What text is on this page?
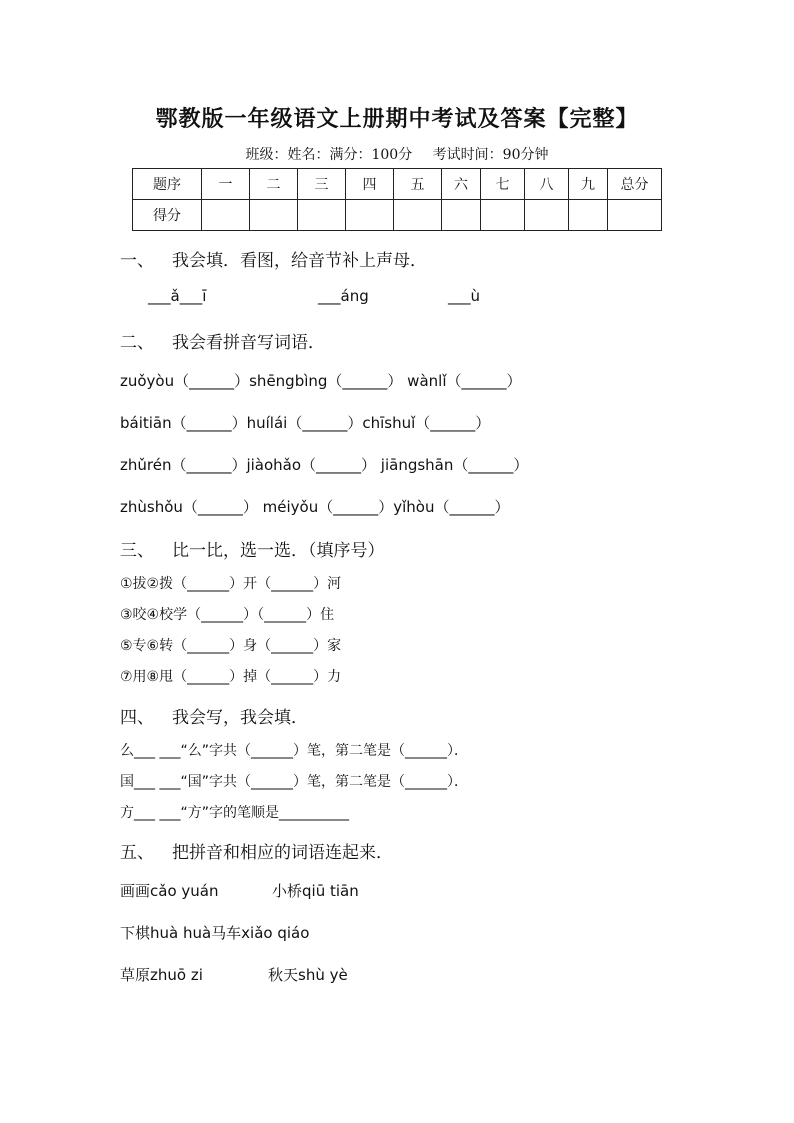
鄂教版一年级语文上册期中考试及答案【完整】
班级：姓名：满分：100分 考试时间：90分钟
题序	一	二	三	四	五	六	七	八	九	总分
得分										
一、 我会填．看图，给音节补上声母．
___ǎ___ī	___áng	___ù
二、 我会看拼音写词语．
zuǒyòu（______）shēngbìng（______） wànlǐ（______）
báitiān（______）huílái（______）chīshuǐ（______）
zhǔrén（______）jiàohǎo（______） jiāngshān（______）
zhùshǒu（______） méiyǒu（______）yǐhòu（______）
三、 比一比，选一选．（填序号）
①拔②拨（______）开（______）河
③咬④校学（______）（______）住
⑤专⑥转（______）身（______）家
⑦用⑧甩（______）掉（______）力
四、 我会写，我会填．
么___ ___“么”字共（______）笔，第二笔是（______）．
国___ ___“国”字共（______）笔，第二笔是（______）．
方___ ___“方”字的笔顺是__________
五、 把拼音和相应的词语连起来．
画画cǎo yuán	小桥qiū tiān
下棋huà huà马车xiǎo qiáo
草原zhuō zi	秋天shù yè
